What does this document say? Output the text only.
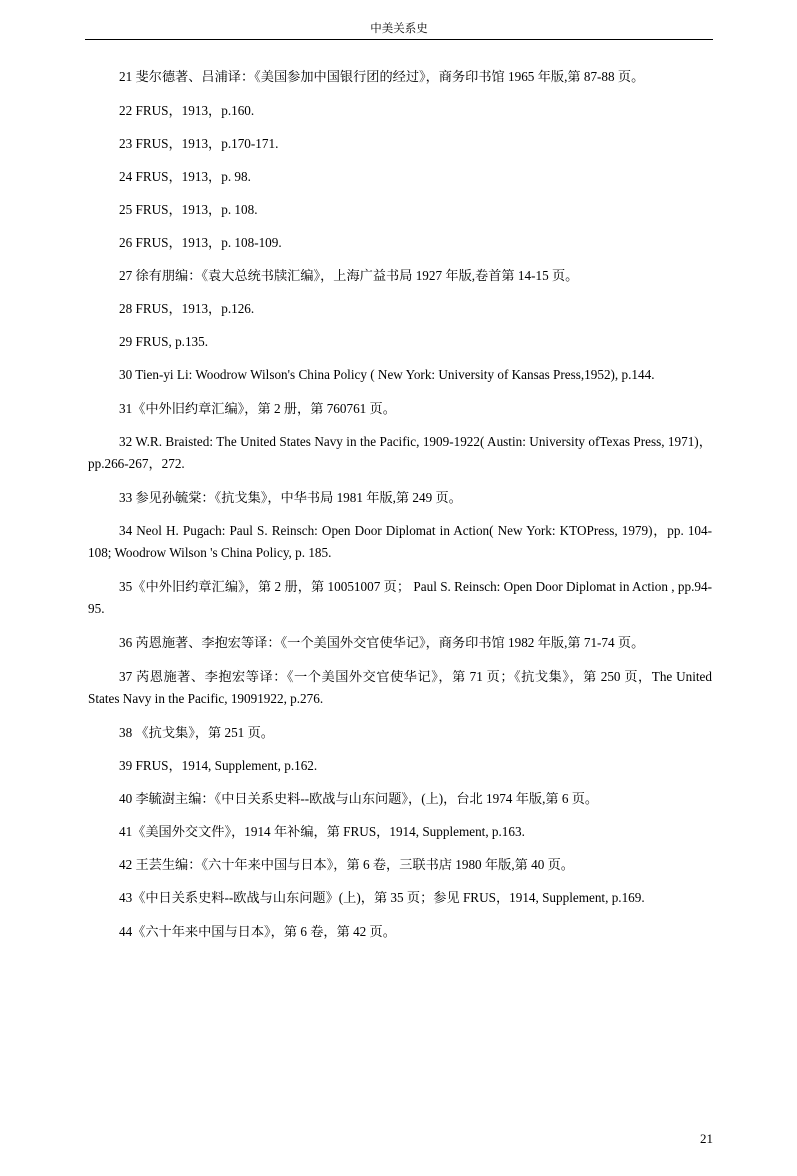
中美关系史

21 斐尔德著、吕浦译：《美国参加中国银行团的经过》，商务印书馆 1965 年版,第 87-88 页。

22 FRUS，1913，p.160.

23 FRUS，1913，p.170-171.

24 FRUS，1913，p. 98.

25 FRUS，1913，p. 108.

26 FRUS，1913，p. 108-109.

27 徐有朋编：《袁大总统书牍汇编》，上海广益书局 1927 年版,卷首第 14-15 页。

28 FRUS，1913，p.126.

29 FRUS, p.135.

30 Tien-yi Li: Woodrow Wilson's China Policy ( New York: University of Kansas Press,1952), p.144.

31《中外旧约章汇编》，第 2 册，第 760761 页。

32 W.R. Braisted: The United States Navy in the Pacific, 1909-1922( Austin: University ofTexas Press, 1971)，pp.266-267，272.

33 参见孙毓棠：《抗戈集》，中华书局 1981 年版,第 249 页。

34 Neol H. Pugach: Paul S. Reinsch: Open Door Diplomat in Action( New York: KTOPress, 1979)，pp. 104-108; Woodrow Wilson 's China Policy, p. 185.

35《中外旧约章汇编》，第 2 册，第 10051007 页； Paul S. Reinsch: Open Door Diplomat in Action , pp.94-95.

36 芮恩施著、李抱宏等译：《一个美国外交官使华记》，商务印书馆 1982 年版,第 71-74 页。

37 芮恩施著、李抱宏等译：《一个美国外交官使华记》，第 71 页；《抗戈集》，第 250 页，The United States Navy in the Pacific, 19091922, p.276.

38 《抗戈集》，第 251 页。

39 FRUS，1914, Supplement, p.162.

40 李毓澍主编：《中日关系史料--欧战与山东问题》，(上)，台北 1974 年版,第 6 页。

41《美国外交文件》，1914 年补编，第 FRUS，1914, Supplement, p.163.

42 王芸生编：《六十年来中国与日本》，第 6 卷，三联书店 1980 年版,第 40 页。

43《中日关系史料--欧战与山东问题》(上)，第 35 页；参见 FRUS，1914, Supplement, p.169.

44《六十年来中国与日本》，第 6 卷，第 42 页。

21
